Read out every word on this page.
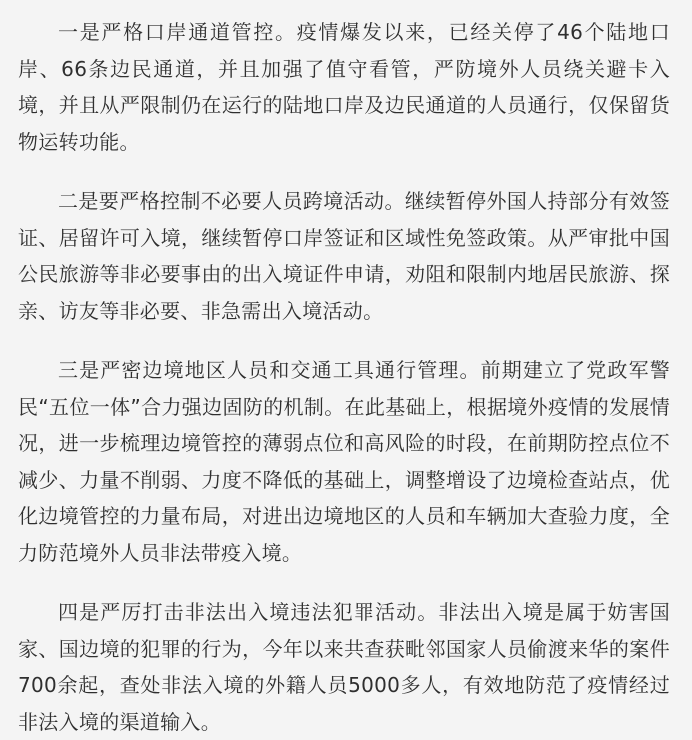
一是严格口岸通道管控。疫情爆发以来，已经关停了46个陆地口岸、66条边民通道，并且加强了值守看管，严防境外人员绕关避卡入境，并且从严限制仍在运行的陆地口岸及边民通道的人员通行，仅保留货物运转功能。

二是要严格控制不必要人员跨境活动。继续暂停外国人持部分有效签证、居留许可入境，继续暂停口岸签证和区域性免签政策。从严审批中国公民旅游等非必要事由的出入境证件申请，劝阻和限制内地居民旅游、探亲、访友等非必要、非急需出入境活动。

三是严密边境地区人员和交通工具通行管理。前期建立了党政军警民“五位一体”合力强边固防的机制。在此基础上，根据境外疫情的发展情况，进一步梳理边境管控的薄弱点位和高风险的时段，在前期防控点位不减少、力量不削弱、力度不降低的基础上，调整增设了边境检查站点，优化边境管控的力量布局，对进出边境地区的人员和车辆加大查验力度，全力防范境外人员非法带疫入境。

四是严厉打击非法出入境违法犯罪活动。非法出入境是属于妨害国家、国边境的犯罪的行为，今年以来共查获毗邻国家人员偷渡来华的案件700余起，查处非法入境的外籍人员5000多人，有效地防范了疫情经过非法入境的渠道输入。
